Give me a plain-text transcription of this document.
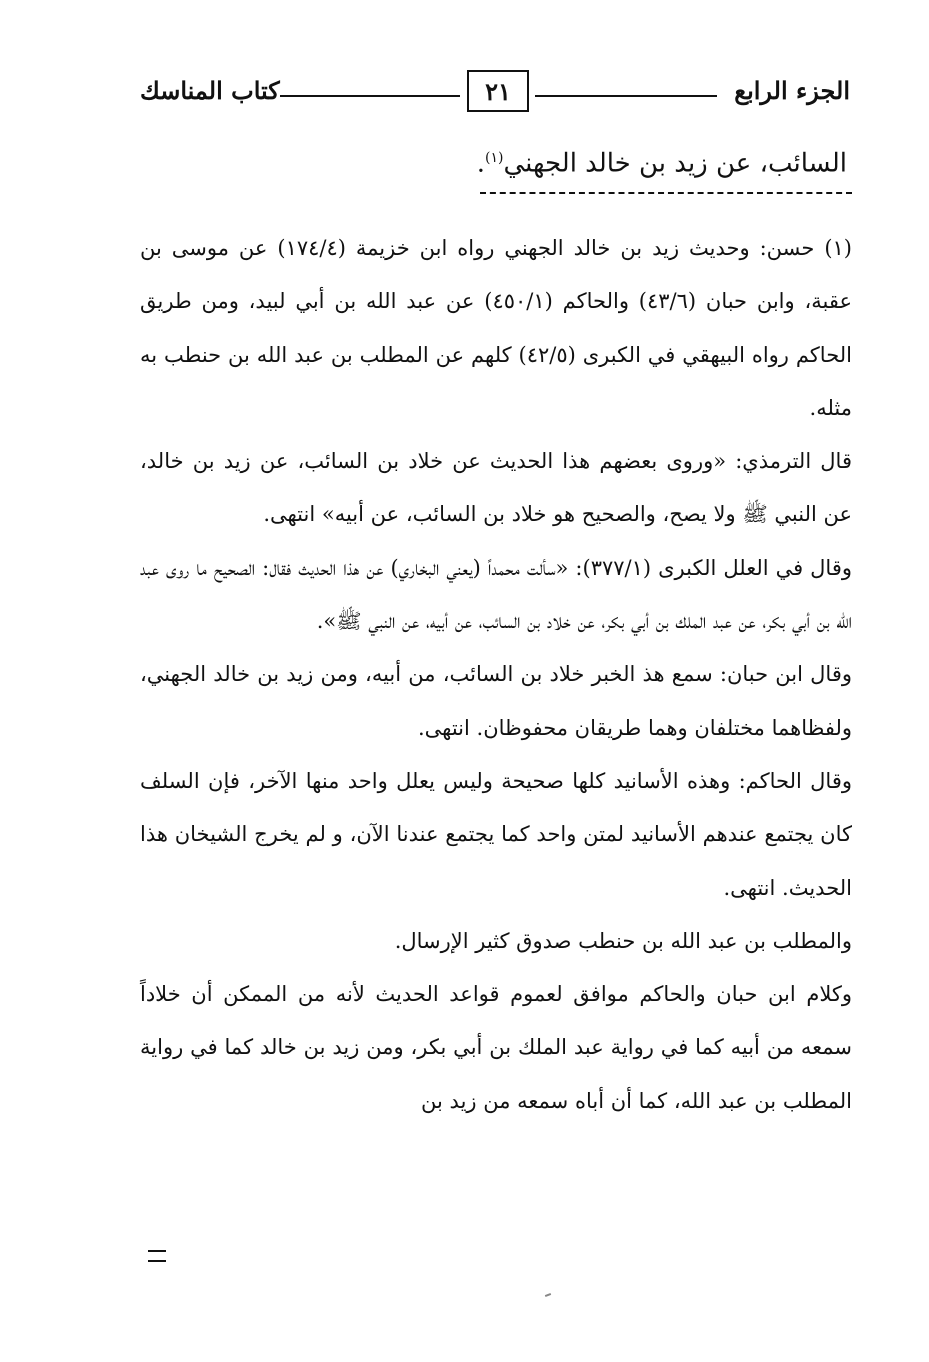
الجزء الرابع
٢١
كتاب المناسك
السائب، عن زيد بن خالد الجهني$^{(١)}$.

(١) حسن: وحديث زيد بن خالد الجهني رواه ابن خزيمة (١٧٤/٤) عن موسى بن عقبة، وابن حبان (٤٣/٦) والحاكم (٤٥٠/١) عن عبد الله بن أبي لبيد، ومن طريق الحاكم رواه البيهقي في الكبرى (٤٢/٥) كلهم عن المطلب بن عبد الله بن حنطب به مثله.

قال الترمذي: «وروى بعضهم هذا الحديث عن خلاد بن السائب، عن زيد بن خالد، عن النبي ﷺ ولا يصح، والصحيح هو خلاد بن السائب، عن أبيه» انتهى.

وقال في العلل الكبرى (٣٧٧/١): «سألت محمداً (يعني البخاري) عن هذا الحديث فقال: الصحيح ما روى عبد الله بن أبي بكر، عن عبد الملك بن أبي بكر، عن خلاد بن السائب، عن أبيه، عن النبي ﷺ».

وقال ابن حبان: سمع هذ الخبر خلاد بن السائب، من أبيه، ومن زيد بن خالد الجهني، ولفظاهما مختلفان وهما طريقان محفوظان. انتهى.

وقال الحاكم: وهذه الأسانيد كلها صحيحة وليس يعلل واحد منها الآخر، فإن السلف كان يجتمع عندهم الأسانيد لمتن واحد كما يجتمع عندنا الآن، و لم يخرج الشيخان هذا الحديث. انتهى.

والمطلب بن عبد الله بن حنطب صدوق كثير الإرسال.

وكلام ابن حبان والحاكم موافق لعموم قواعد الحديث لأنه من الممكن أن خلاداً سمعه من أبيه كما في رواية عبد الملك بن أبي بكر، ومن زيد بن خالد كما في رواية المطلب بن عبد الله، كما أن أباه سمعه من زيد بن
